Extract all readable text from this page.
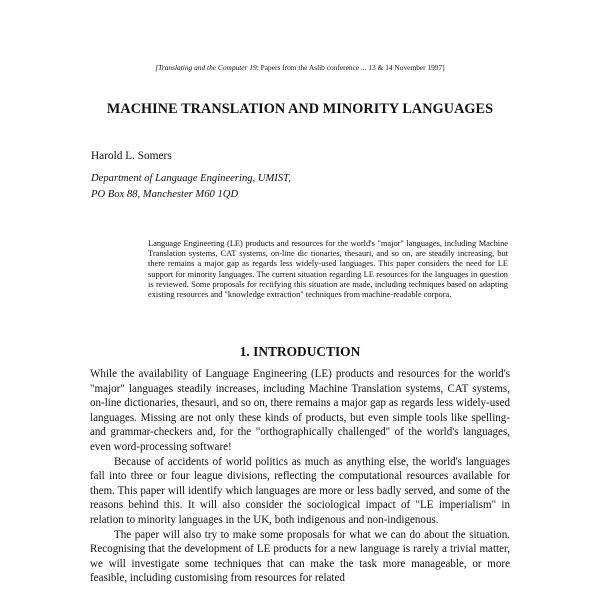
[Translating and the Computer 19: Papers from the Aslib conference ... 13 & 14 November 1997]
MACHINE TRANSLATION AND MINORITY LANGUAGES
Harold L. Somers
Department of Language Engineering, UMIST,
PO Box 88, Manchester M60 1QD
Language Engineering (LE) products and resources for the world's "major" languages, including Machine Translation systems, CAT systems, on-line dic tionaries, thesauri, and so on, are steadily increasing, but there remains a major gap as regards less widely-used languages. This paper considers the need for LE support for minority languages. The current situation regarding LE resources for the languages in question is reviewed. Some proposals for rectifying this situation are made, including techniques based on adapting existing resources and "knowledge extraction" techniques from machine-readable corpora.
1. INTRODUCTION

While the availability of Language Engineering (LE) products and resources for the world's "major" languages steadily increases, including Machine Translation systems, CAT systems, on-line dictionaries, thesauri, and so on, there remains a major gap as regards less widely-used languages. Missing are not only these kinds of products, but even simple tools like spelling- and grammar-checkers and, for the "orthographically challenged" of the world's languages, even word-processing software!

Because of accidents of world politics as much as anything else, the world's languages fall into three or four league divisions, reflecting the computational resources available for them. This paper will identify which languages are more or less badly served, and some of the reasons behind this. It will also consider the sociological impact of "LE imperialism" in relation to minority languages in the UK, both indigenous and non-indigenous.

The paper will also try to make some proposals for what we can do about the situation. Recognising that the development of LE products for a new language is rarely a trivial matter, we will investigate some techniques that can make the task more manageable, or more feasible, including customising from resources for related
